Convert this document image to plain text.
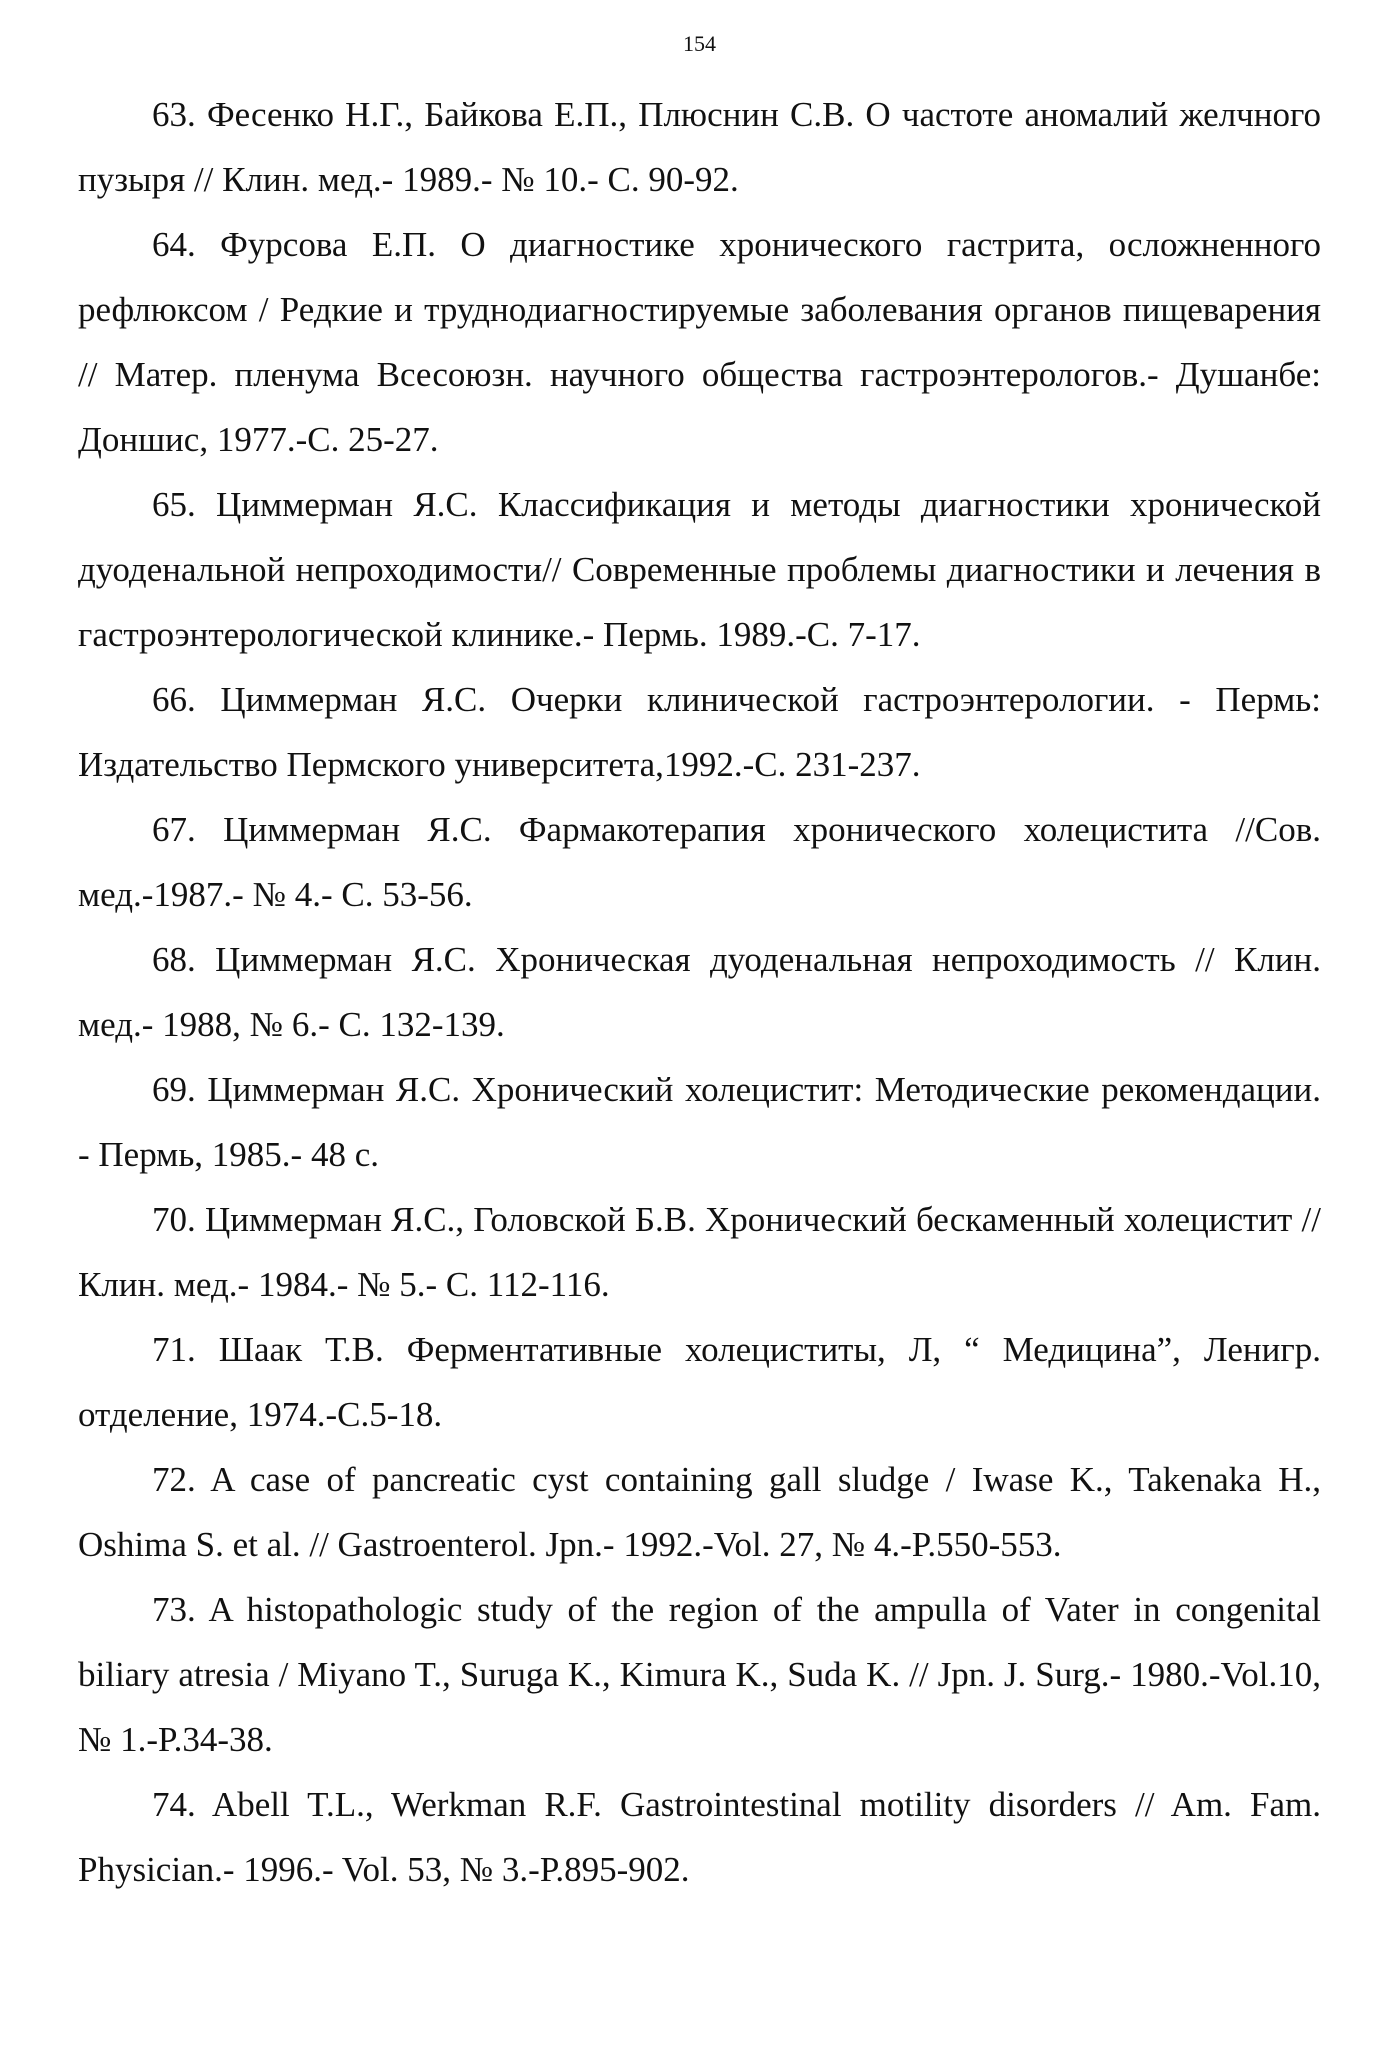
154

63. Фесенко Н.Г., Байкова Е.П., Плюснин С.В. О частоте аномалий желчного пузыря // Клин. мед.- 1989.- № 10.- С. 90-92.

64. Фурсова Е.П. О диагностике хронического гастрита, осложненного рефлюксом / Редкие и труднодиагностируемые заболевания органов пищеварения // Матер. пленума Всесоюзн. научного общества гастроэнтерологов.- Душанбе: Доншис, 1977.-С. 25-27.

65. Циммерман Я.С. Классификация и методы диагностики хронической дуоденальной непроходимости// Современные проблемы диагностики и лечения в гастроэнтерологической клинике.- Пермь. 1989.-С. 7-17.

66. Циммерман Я.С. Очерки клинической гастроэнтерологии. - Пермь: Издательство Пермского университета,1992.-С. 231-237.

67. Циммерман Я.С. Фармакотерапия хронического холецистита //Сов. мед.-1987.- № 4.- С. 53-56.

68. Циммерман Я.С. Хроническая дуоденальная непроходимость // Клин. мед.- 1988, № 6.- С. 132-139.

69. Циммерман Я.С. Хронический холецистит: Методические рекомендации. - Пермь, 1985.- 48 с.

70. Циммерман Я.С., Головской Б.В. Хронический бескаменный холецистит // Клин. мед.- 1984.- № 5.- С. 112-116.

71. Шаак Т.В. Ферментативные холециститы, Л, “ Медицина”, Ленигр. отделение, 1974.-С.5-18.

72. A case of pancreatic cyst containing gall sludge / Iwase K., Takenaka H., Oshima S. et al. // Gastroenterol. Jpn.- 1992.-Vol. 27, № 4.-P.550-553.

73. A histopathologic study of the region of the ampulla of Vater in congenital biliary atresia / Miyano T., Suruga K., Kimura K., Suda K. // Jpn. J. Surg.- 1980.-Vol.10, № 1.-P.34-38.

74. Abell T.L., Werkman R.F. Gastrointestinal motility disorders // Am. Fam. Physician.- 1996.- Vol. 53, № 3.-P.895-902.
